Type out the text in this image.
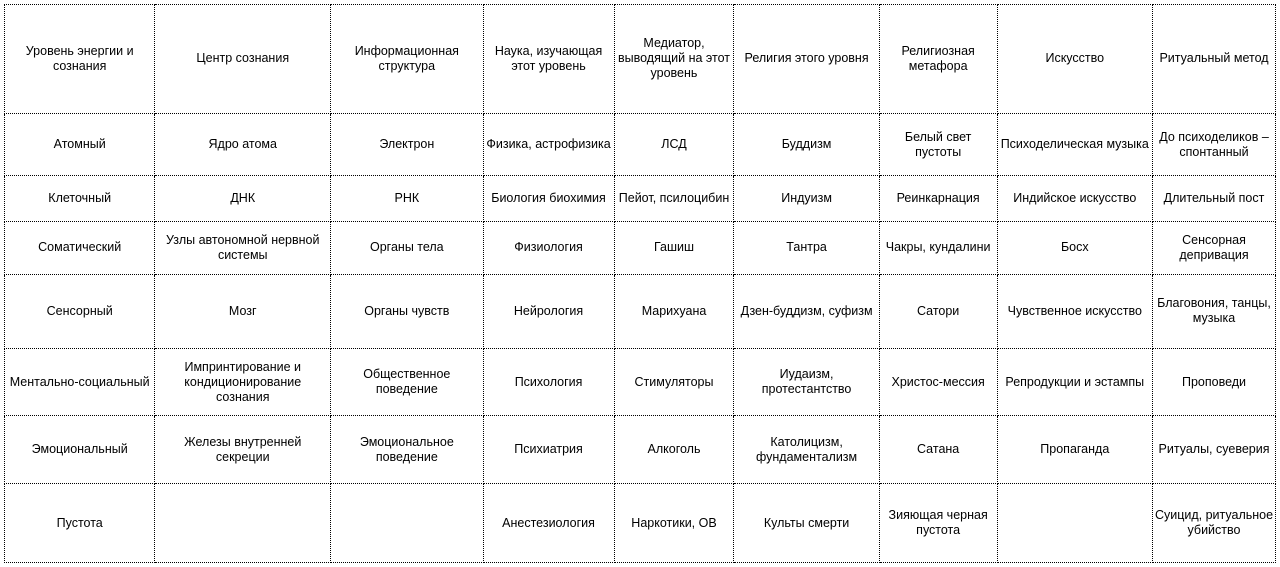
Уровень энергии и сознания	Центр сознания	Информационная структура	Наука, изучающая этот уровень	Медиатор, выводящий на этот уровень	Религия этого уровня	Религиозная метафора	Искусство	Ритуальный метод
Атомный	Ядро атома	Электрон	Физика, астрофизика	ЛСД	Буддизм	Белый свет пустоты	Психоделическая музыка	До психоделиков – спонтанный
Клеточный	ДНК	РНК	Биология биохимия	Пейот, псилоцибин	Индуизм	Реинкарнация	Индийское искусство	Длительный пост
Соматический	Узлы автономной нервной системы	Органы тела	Физиология	Гашиш	Тантра	Чакры, кундалини	Босх	Сенсорная депривация
Сенсорный	Мозг	Органы чувств	Нейрология	Марихуана	Дзен-буддизм, суфизм	Сатори	Чувственное искусство	Благовония, танцы, музыка
Ментально-социальный	Импринтирование и кондиционирование сознания	Общественное поведение	Психология	Стимуляторы	Иудаизм, протестантство	Христос-мессия	Репродукции и эстампы	Проповеди
Эмоциональный	Железы внутренней секреции	Эмоциональное поведение	Психиатрия	Алкоголь	Католицизм, фундаментализм	Сатана	Пропаганда	Ритуалы, суеверия
Пустота			Анестезиология	Наркотики, ОВ	Культы смерти	Зияющая черная пустота		Суицид, ритуальное убийство
